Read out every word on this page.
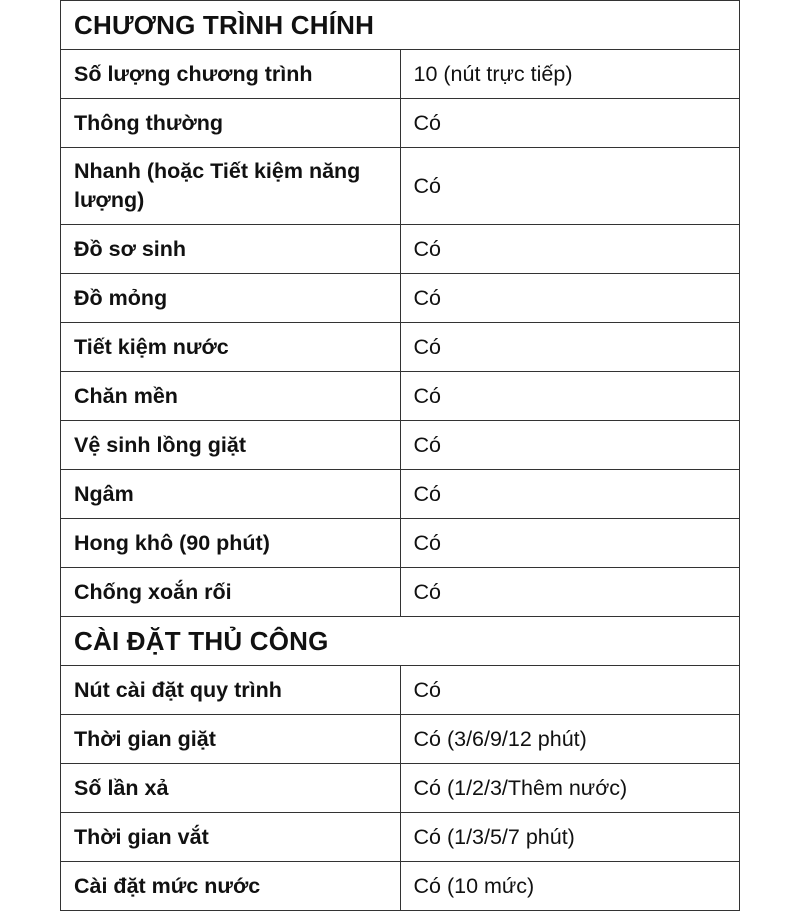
CHƯƠNG TRÌNH CHÍNH	
Số lượng chương trình	10 (nút trực tiếp)
Thông thường	Có
Nhanh (hoặc Tiết kiệm năng lượng)	Có
Đồ sơ sinh	Có
Đồ mỏng	Có
Tiết kiệm nước	Có
Chăn mền	Có
Vệ sinh lồng giặt	Có
Ngâm	Có
Hong khô (90 phút)	Có
Chống xoắn rối	Có
CÀI ĐẶT THỦ CÔNG	
Nút cài đặt quy trình	Có
Thời gian giặt	Có (3/6/9/12 phút)
Số lần xả	Có (1/2/3/Thêm nước)
Thời gian vắt	Có (1/3/5/7 phút)
Cài đặt mức nước	Có (10 mức)
